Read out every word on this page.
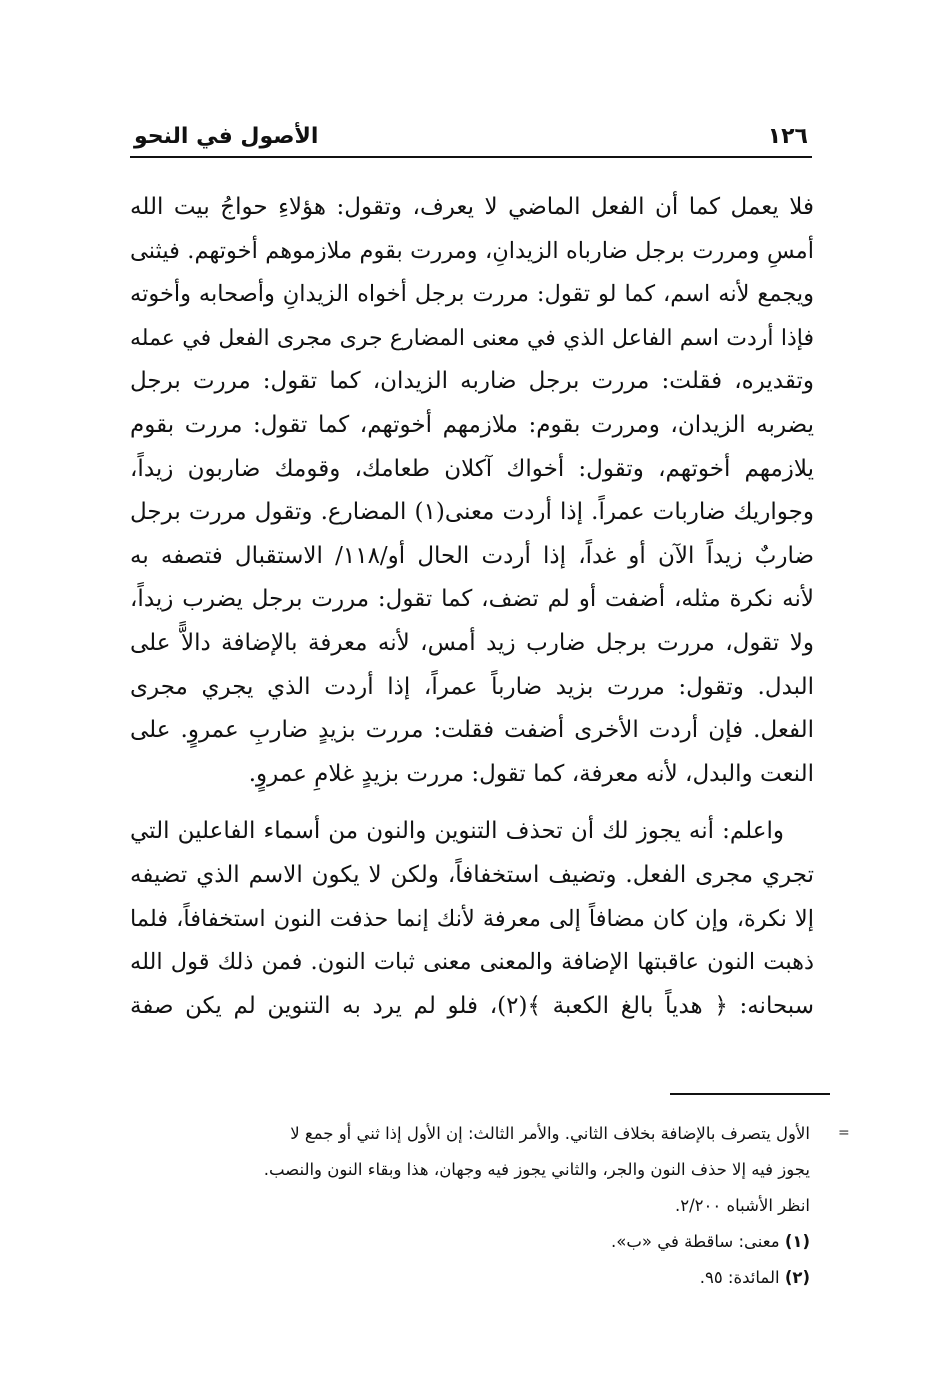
١٢٦
الأصول في النحو

فلا يعمل كما أن الفعل الماضي لا يعرف، وتقول: هؤلاءِ حواجُ بيت الله
أمسِ ومررت برجل ضارباه الزيدانِ، ومررت بقوم ملازموهم أخوتهم. فيثنى
ويجمع لأنه اسم، كما لو تقول: مررت برجل أخواه الزيدانِ وأصحابه وأخوته
فإذا أردت اسم الفاعل الذي في معنى المضارع جرى مجرى الفعل في عمله
وتقديره، فقلت: مررت برجل ضاربه الزيدان، كما تقول: مررت برجل
يضربه الزيدان، ومررت بقوم: ملازمهم أخوتهم، كما تقول: مررت بقوم
يلازمهم أخوتهم، وتقول: أخواك آكلان طعامك، وقومك ضاربون زيداً،
وجواريك ضاربات عمراً. إذا أردت معنى(١) المضارع. وتقول مررت برجل
ضاربٌ زيداً الآن أو غداً، إذا أردت الحال أو/١١٨/ الاستقبال فتصفه به
لأنه نكرة مثله، أضفت أو لم تضف، كما تقول: مررت برجل يضرب زيداً،
ولا تقول، مررت برجل ضارب زيد أمس، لأنه معرفة بالإضافة دالاًّ على
البدل. وتقول: مررت بزيد ضارباً عمراً، إذا أردت الذي يجري مجرى
الفعل. فإن أردت الأخرى أضفت فقلت: مررت بزيدٍ ضاربِ عمروٍ. على
النعت والبدل، لأنه معرفة، كما تقول: مررت بزيدٍ غلامِ عمروٍ.

واعلم: أنه يجوز لك أن تحذف التنوين والنون من أسماء الفاعلين التي
تجري مجرى الفعل. وتضيف استخفافاً، ولكن لا يكون الاسم الذي تضيفه
إلا نكرة، وإن كان مضافاً إلى معرفة لأنك إنما حذفت النون استخفافاً، فلما
ذهبت النون عاقبتها الإضافة والمعنى معنى ثبات النون. فمن ذلك قول الله
سبحانه: ﴿ هدياً بالغ الكعبة ﴾(٢)، فلو لم يرد به التنوين لم يكن صفة

=
الأول يتصرف بالإضافة بخلاف الثاني. والأمر الثالث: إن الأول إذا ثني أو جمع لا
يجوز فيه إلا حذف النون والجر، والثاني يجوز فيه وجهان، هذا وبقاء النون والنصب.
انظر الأشباه ٢/٢٠٠.
(١) معنى: ساقطة في «ب».
(٢) المائدة: ٩٥.
